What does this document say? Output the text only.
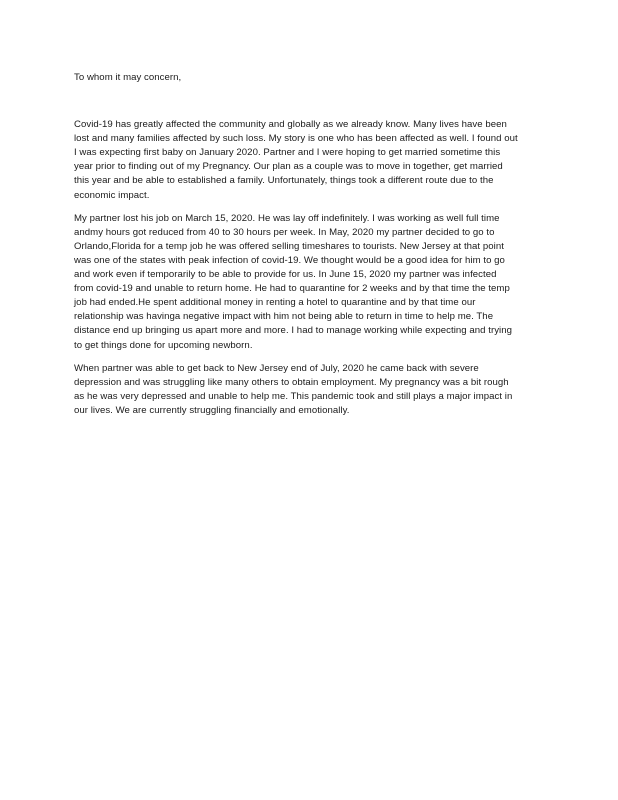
To whom it may concern,

Covid-19 has greatly affected the community and globally as we already know. Many lives have been
lost and many families affected by such loss. My story is one who has been affected as well. I found out
I was expecting first baby on January 2020. Partner and I were hoping to get married sometime this
year prior to finding out of my Pregnancy. Our plan as a couple was to move in together, get married
this year and be able to established a family. Unfortunately, things took a different route due to the
economic impact.

My partner lost his job on March 15, 2020. He was lay off indefinitely. I was working as well full time
andmy hours got reduced from 40 to 30 hours per week. In May, 2020 my partner decided to go to
Orlando,Florida for a temp job he was offered selling timeshares to tourists. New Jersey at that point
was one of the states with peak infection of covid-19. We thought would be a good idea for him to go
and work even if temporarily to be able to provide for us. In June 15, 2020 my partner was infected
from covid-19 and unable to return home. He had to quarantine for 2 weeks and by that time the temp
job had ended.He spent additional money in renting a hotel to quarantine and by that time our
relationship was havinga negative impact with him not being able to return in time to help me. The
distance end up bringing us apart more and more. I had to manage working while expecting and trying
to get things done for upcoming newborn.

When partner was able to get back to New Jersey end of July, 2020 he came back with severe
depression and was struggling like many others to obtain employment. My pregnancy was a bit rough
as he was very depressed and unable to help me. This pandemic took and still plays a major impact in
our lives. We are currently struggling financially and emotionally.
